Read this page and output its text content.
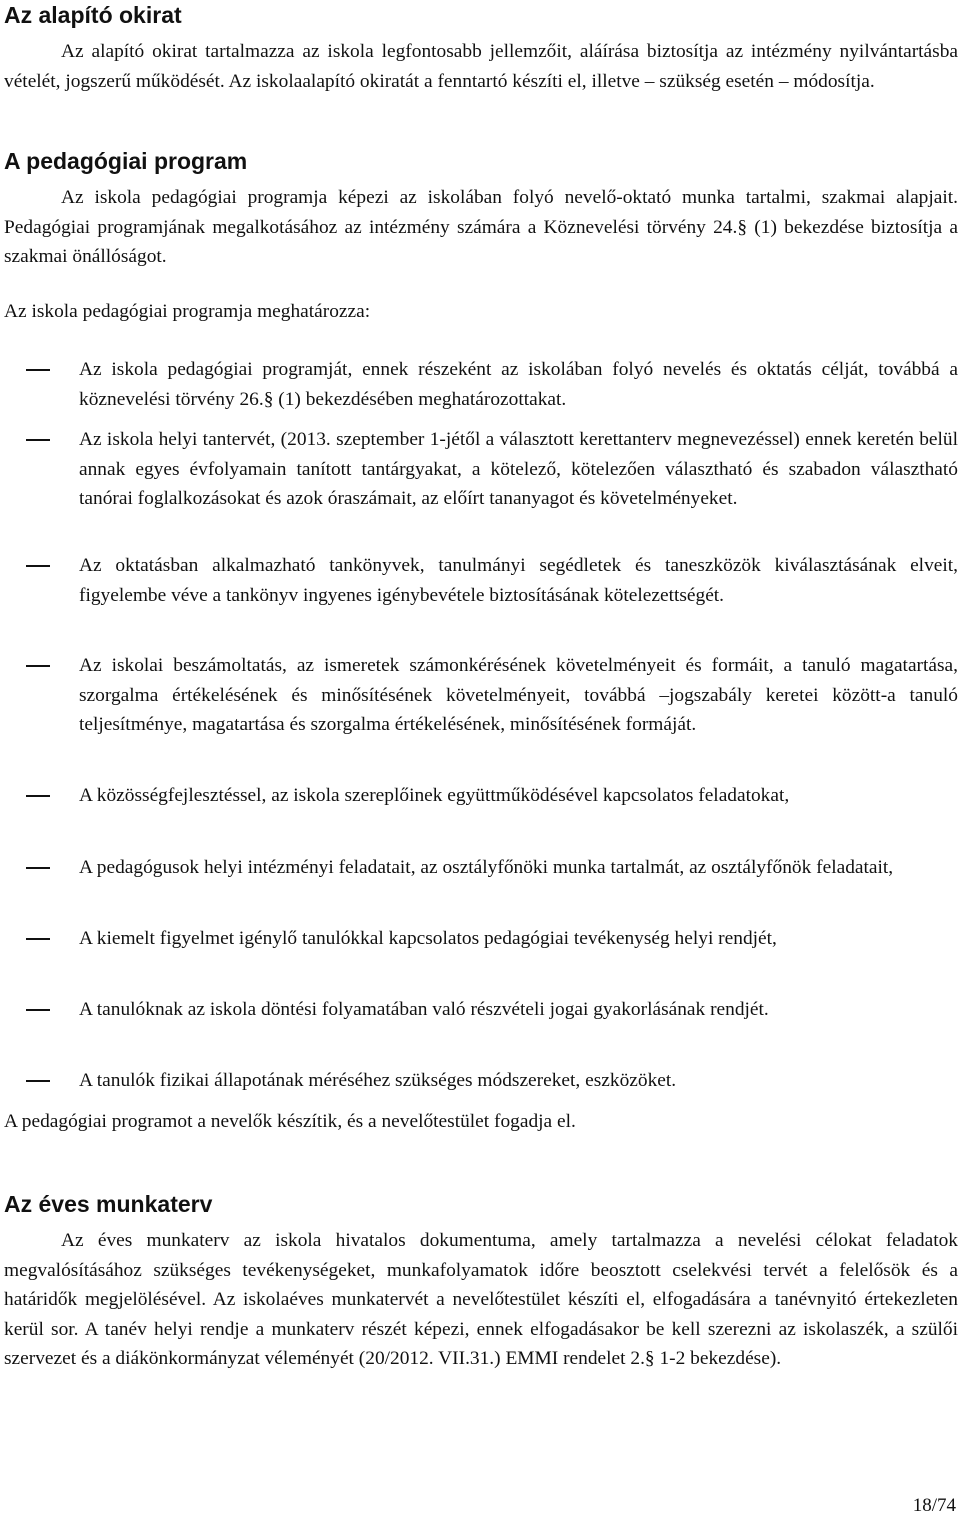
Az alapító okirat

Az alapító okirat tartalmazza az iskola legfontosabb jellemzőit, aláírása biztosítja az intézmény nyilvántartásba vételét, jogszerű működését. Az iskolaalapító okiratát a fenntartó készíti el, illetve ‒ szükség esetén ‒ módosítja.

A pedagógiai program

Az iskola pedagógiai programja képezi az iskolában folyó nevelő-oktató munka tartalmi, szakmai alapjait. Pedagógiai programjának megalkotásához az intézmény számára a Köznevelési törvény 24.§ (1) bekezdése biztosítja a szakmai önállóságot.

Az iskola pedagógiai programja meghatározza:

Az iskola pedagógiai programját, ennek részeként az iskolában folyó nevelés és oktatás célját, továbbá a köznevelési törvény 26.§ (1) bekezdésében meghatározottakat.

Az iskola helyi tantervét, (2013. szeptember 1-jétől a választott kerettanterv megnevezéssel) ennek keretén belül annak egyes évfolyamain tanított tantárgyakat, a kötelező, kötelezően választható és szabadon választható tanórai foglalkozásokat és azok óraszámait, az előírt tananyagot és követelményeket.

Az oktatásban alkalmazható tankönyvek, tanulmányi segédletek és taneszközök kiválasztásának elveit, figyelembe véve a tankönyv ingyenes igénybevétele biztosításának kötelezettségét.

Az iskolai beszámoltatás, az ismeretek számonkérésének követelményeit és formáit, a tanuló magatartása, szorgalma értékelésének és minősítésének követelményeit, továbbá ‒jogszabály keretei között-a tanuló teljesítménye, magatartása és szorgalma értékelésének, minősítésének formáját.

A közösségfejlesztéssel, az iskola szereplőinek együttműködésével kapcsolatos feladatokat,

A pedagógusok helyi intézményi feladatait, az osztályfőnöki munka tartalmát, az osztályfőnök feladatait,

A kiemelt figyelmet igénylő tanulókkal kapcsolatos pedagógiai tevékenység helyi rendjét,

A tanulóknak az iskola döntési folyamatában való részvételi jogai gyakorlásának rendjét.

A tanulók fizikai állapotának méréséhez szükséges módszereket, eszközöket.

A pedagógiai programot a nevelők készítik, és a nevelőtestület fogadja el.

Az éves munkaterv

Az éves munkaterv az iskola hivatalos dokumentuma, amely tartalmazza a nevelési célokat feladatok megvalósításához szükséges tevékenységeket, munkafolyamatok időre beosztott cselekvési tervét a felelősök és a határidők megjelölésével. Az iskolaéves munkatervét a nevelőtestület készíti el, elfogadására a tanévnyitó értekezleten kerül sor. A tanév helyi rendje a munkaterv részét képezi, ennek elfogadásakor be kell szerezni az iskolaszék, a szülői szervezet és a diákönkormányzat véleményét (20/2012. VII.31.) EMMI rendelet 2.§ 1-2 bekezdése).

18/74
